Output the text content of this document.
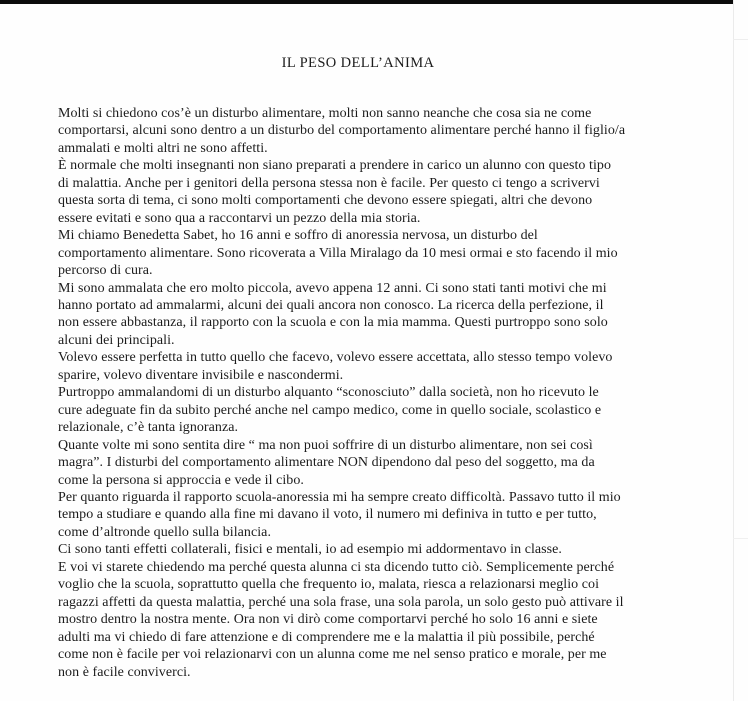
IL PESO DELL’ANIMA
Molti si chiedono cos’è un disturbo alimentare, molti non sanno neanche che cosa sia ne come
comportarsi, alcuni sono dentro a un disturbo del comportamento alimentare perché hanno il figlio/a
ammalati e molti altri ne sono affetti.
È normale che molti insegnanti non siano preparati a prendere in carico un alunno con questo tipo
di malattia. Anche per i genitori della persona stessa non è facile. Per questo ci tengo a scrivervi
questa sorta di tema, ci sono molti comportamenti che devono essere spiegati, altri che devono
essere evitati e sono qua a raccontarvi un pezzo della mia storia.
Mi chiamo Benedetta Sabet, ho 16 anni e soffro di anoressia nervosa, un disturbo del
comportamento alimentare. Sono ricoverata a Villa Miralago da 10 mesi ormai e sto facendo il mio
percorso di cura.
Mi sono ammalata che ero molto piccola, avevo appena 12 anni. Ci sono stati tanti motivi che mi
hanno portato ad ammalarmi, alcuni dei quali ancora non conosco. La ricerca della perfezione, il
non essere abbastanza, il rapporto con la scuola e con la mia mamma. Questi purtroppo sono solo
alcuni dei principali.
Volevo essere perfetta in tutto quello che facevo, volevo essere accettata, allo stesso tempo volevo
sparire, volevo diventare invisibile e nascondermi.
Purtroppo ammalandomi di un disturbo alquanto “sconosciuto” dalla società, non ho ricevuto le
cure adeguate fin da subito perché anche nel campo medico, come in quello sociale, scolastico e
relazionale, c’è tanta ignoranza.
Quante volte mi sono sentita dire “ ma non puoi soffrire di un disturbo alimentare, non sei così
magra”. I disturbi del comportamento alimentare NON dipendono dal peso del soggetto, ma da
come la persona si approccia e vede il cibo.
Per quanto riguarda il rapporto scuola-anoressia mi ha sempre creato difficoltà. Passavo tutto il mio
tempo a studiare e quando alla fine mi davano il voto, il numero mi definiva in tutto e per tutto,
come d’altronde quello sulla bilancia.
Ci sono tanti effetti collaterali, fisici e mentali, io ad esempio mi addormentavo in classe.
E voi vi starete chiedendo ma perché questa alunna ci sta dicendo tutto ciò. Semplicemente perché
voglio che la scuola, soprattutto quella che frequento io, malata, riesca a relazionarsi meglio coi
ragazzi affetti da questa malattia, perché una sola frase, una sola parola, un solo gesto può attivare il
mostro dentro la nostra mente. Ora non vi dirò come comportarvi perché ho solo 16 anni e siete
adulti ma vi chiedo di fare attenzione e di comprendere me e la malattia il più possibile, perché
come non è facile per voi relazionarvi con un alunna come me nel senso pratico e morale, per me
non è facile conviverci.
